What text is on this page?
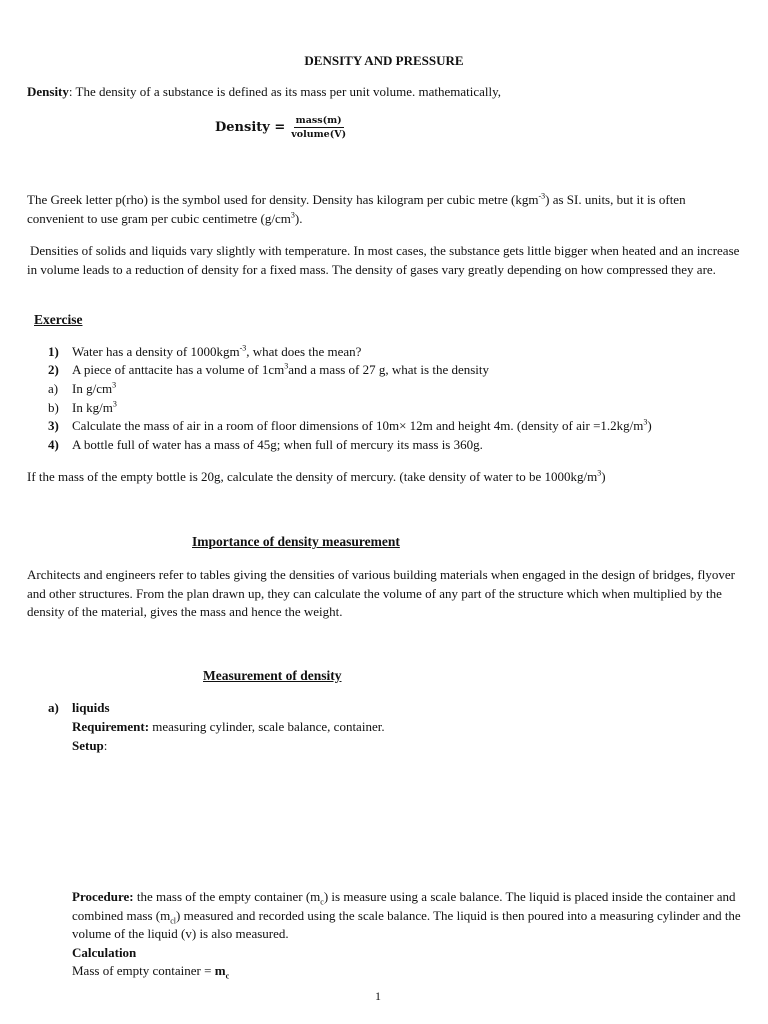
DENSITY AND PRESSURE
Density: The density of a substance is defined as its mass per unit volume. mathematically,
Density = $\frac{\text{mass(m)}}{\text{volume(V)}}$
The Greek letter p(rho) is the symbol used for density. Density has kilogram per cubic metre (kgm$^{-3}$) as SI. units, but it is often convenient to use gram per cubic centimetre $(g/cm^3)$.
Densities of solids and liquids vary slightly with temperature. In most cases, the substance gets little bigger when heated and an increase in volume leads to a reduction of density for a fixed mass. The density of gases vary greatly depending on how compressed they are.
Exercise
1) Water has a density of 1000kgm$^{-3}$, what does the mean?
2) A piece of anttacite has a volume of $1cm^3and$ a mass of 27 g, what is the density
a) In $g/cm^3$
b) In $kg/m^3$
3) Calculate the mass of air in a room of floor dimensions of 10m× 12m and height 4m. (density of air $=1.2kg/m^3$)
4) A bottle full of water has a mass of 45g; when full of mercury its mass is 360g.
If the mass of the empty bottle is 20g, calculate the density of mercury. (take density of water to be $1000kg/m^3$)
Importance of density measurement
Architects and engineers refer to tables giving the densities of various building materials when engaged in the design of bridges, flyover and other structures. From the plan drawn up, they can calculate the volume of any part of the structure which when multiplied by the density of the material, gives the mass and hence the weight.
Measurement of density
a) liquids
Requirement: measuring cylinder, scale balance, container.
Setup:
Procedure: the mass of the empty container $(m_c)$ is measure using a scale balance. The liquid is placed inside the container and combined mass $(m_{cl})$ measured and recorded using the scale balance. The liquid is then poured into a measuring cylinder and the volume of the liquid (v) is also measured.
Calculation
Mass of empty container = $m_c$
1
